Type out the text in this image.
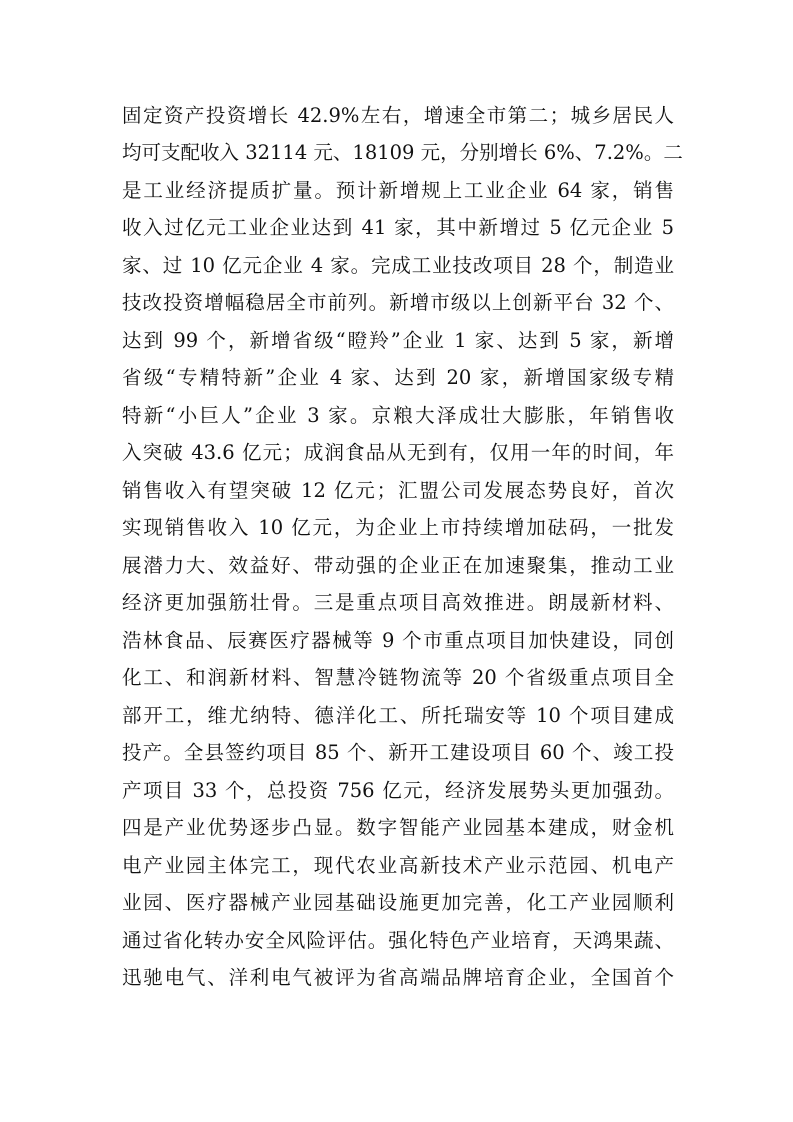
固定资产投资增长 42.9%左右，增速全市第二；城乡居民人
均可支配收入 32114 元、18109 元，分别增长 6%、7.2%。二
是工业经济提质扩量。预计新增规上工业企业 64 家，销售
收入过亿元工业企业达到 41 家，其中新增过 5 亿元企业 5
家、过 10 亿元企业 4 家。完成工业技改项目 28 个，制造业
技改投资增幅稳居全市前列。新增市级以上创新平台 32 个、
达到 99 个，新增省级“瞪羚”企业 1 家、达到 5 家，新增
省级“专精特新”企业 4 家、达到 20 家，新增国家级专精
特新“小巨人”企业 3 家。京粮大泽成壮大膨胀，年销售收
入突破 43.6 亿元；成润食品从无到有，仅用一年的时间，年
销售收入有望突破 12 亿元；汇盟公司发展态势良好，首次
实现销售收入 10 亿元，为企业上市持续增加砝码，一批发
展潜力大、效益好、带动强的企业正在加速聚集，推动工业
经济更加强筋壮骨。三是重点项目高效推进。朗晟新材料、
浩林食品、辰赛医疗器械等 9 个市重点项目加快建设，同创
化工、和润新材料、智慧冷链物流等 20 个省级重点项目全
部开工，维尤纳特、德洋化工、所托瑞安等 10 个项目建成
投产。全县签约项目 85 个、新开工建设项目 60 个、竣工投
产项目 33 个，总投资 756 亿元，经济发展势头更加强劲。
四是产业优势逐步凸显。数字智能产业园基本建成，财金机
电产业园主体完工，现代农业高新技术产业示范园、机电产
业园、医疗器械产业园基础设施更加完善，化工产业园顺利
通过省化转办安全风险评估。强化特色产业培育，天鸿果蔬、
迅驰电气、洋利电气被评为省高端品牌培育企业，全国首个
